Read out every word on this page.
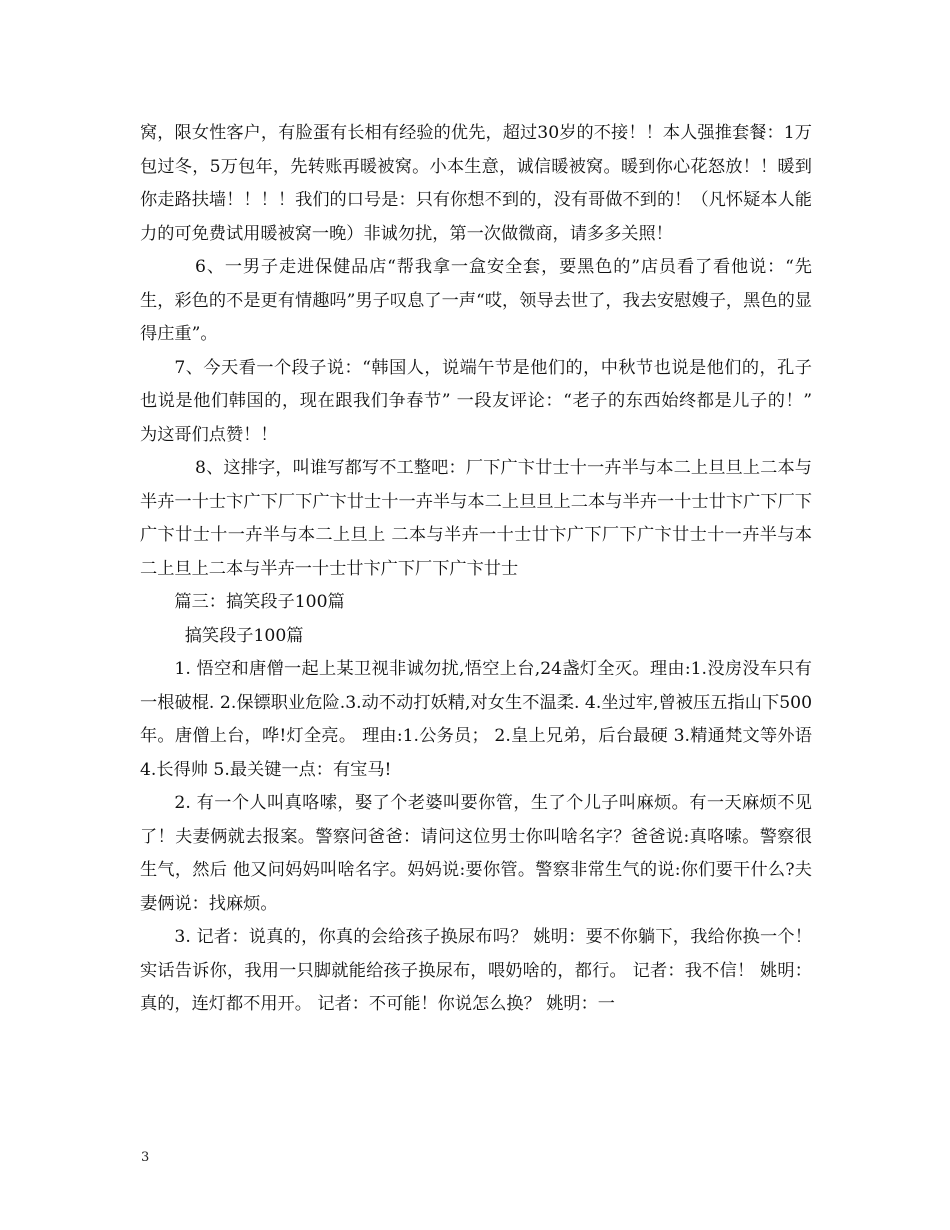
窝，限女性客户，有脸蛋有长相有经验的优先，超过30岁的不接！！本人强推套餐：1万包过冬，5万包年，先转账再暖被窝。小本生意，诚信暖被窝。暖到你心花怒放！！暖到你走路扶墙！！！！我们的口号是：只有你想不到的，没有哥做不到的！（凡怀疑本人能力的可免费试用暖被窝一晚）非诚勿扰，第一次做微商，请多多关照！

6、一男子走进保健品店“帮我拿一盒安全套，要黑色的”店员看了看他说：“先生，彩色的不是更有情趣吗”男子叹息了一声“哎，领导去世了，我去安慰嫂子，黑色的显得庄重”。

7、今天看一个段子说：“韩国人，说端午节是他们的，中秋节也说是他们的，孔子也说是他们韩国的，现在跟我们争春节” 一段友评论：“老子的东西始终都是儿子的！” 为这哥们点赞！！

8、这排字，叫谁写都写不工整吧：厂下广卞廿士十一卉半与本二上旦旦上二本与半卉一十士卞广下厂下广卞廿士十一卉半与本二上旦旦上二本与半卉一十士廿卞广下厂下广卞廿士十一卉半与本二上旦上 二本与半卉一十士廿卞广下厂下广卞廿士十一卉半与本二上旦上二本与半卉一十士廿卞广下厂下广卞廿士

篇三：搞笑段子100篇

搞笑段子100篇

1. 悟空和唐僧一起上某卫视非诚勿扰,悟空上台,24盏灯全灭。理由:1.没房没车只有一根破棍. 2.保镖职业危险.3.动不动打妖精,对女生不温柔. 4.坐过牢,曾被压五指山下500年。唐僧上台，哗!灯全亮。 理由:1.公务员； 2.皇上兄弟，后台最硬 3.精通梵文等外语 4.长得帅 5.最关键一点：有宝马!

2. 有一个人叫真咯嗦，娶了个老婆叫要你管，生了个儿子叫麻烦。有一天麻烦不见了！夫妻俩就去报案。警察问爸爸：请问这位男士你叫啥名字？爸爸说:真咯嗦。警察很生气，然后 他又问妈妈叫啥名字。妈妈说:要你管。警察非常生气的说:你们要干什么?夫妻俩说：找麻烦。

3. 记者：说真的，你真的会给孩子换尿布吗？ 姚明：要不你躺下，我给你换一个！实话告诉你，我用一只脚就能给孩子换尿布，喂奶啥的，都行。 记者：我不信！ 姚明：真的，连灯都不用开。 记者：不可能！你说怎么换？ 姚明：一

3
